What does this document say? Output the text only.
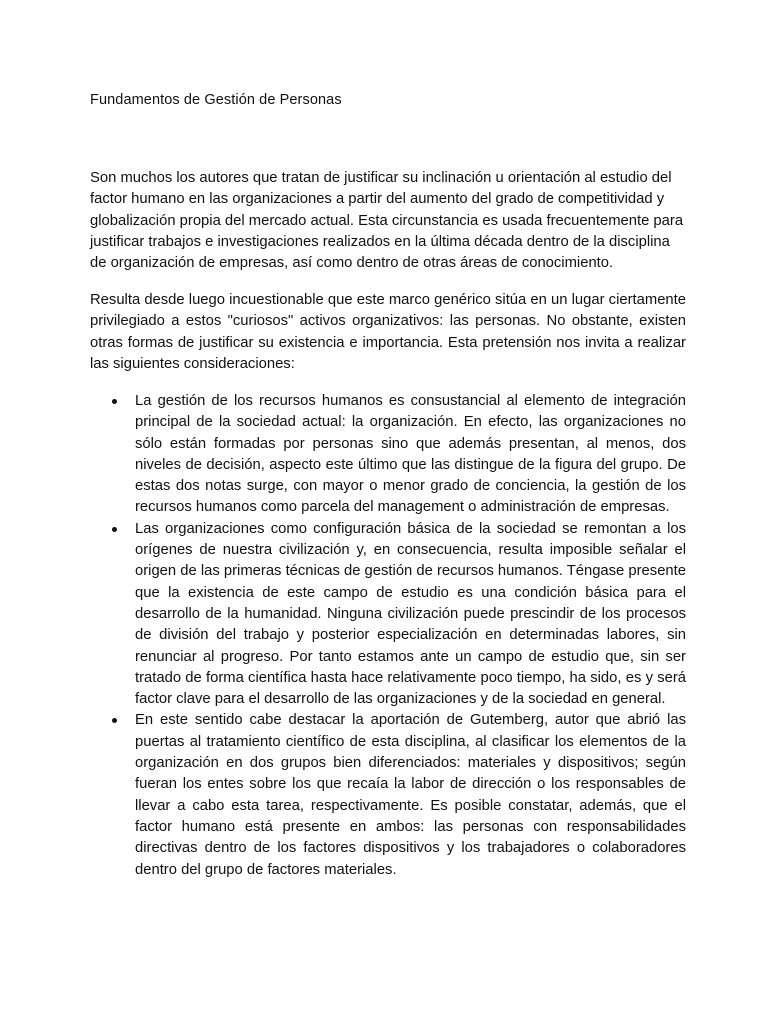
Fundamentos de Gestión de Personas

Son muchos los autores que tratan de justificar su inclinación u orientación al estudio del factor humano en las organizaciones a partir del aumento del grado de competitividad y globalización propia del mercado actual. Esta circunstancia es usada frecuentemente para justificar trabajos e investigaciones realizados en la última década dentro de la disciplina de organización de empresas, así como dentro de otras áreas de conocimiento.

Resulta desde luego incuestionable que este marco genérico sitúa en un lugar ciertamente privilegiado a estos "curiosos" activos organizativos: las personas. No obstante, existen otras formas de justificar su existencia e importancia. Esta pretensión nos invita a realizar las siguientes consideraciones:

La gestión de los recursos humanos es consustancial al elemento de integración principal de la sociedad actual: la organización. En efecto, las organizaciones no sólo están formadas por personas sino que además presentan, al menos, dos niveles de decisión, aspecto este último que las distingue de la figura del grupo. De estas dos notas surge, con mayor o menor grado de conciencia, la gestión de los recursos humanos como parcela del management o administración de empresas.
Las organizaciones como configuración básica de la sociedad se remontan a los orígenes de nuestra civilización y, en consecuencia, resulta imposible señalar el origen de las primeras técnicas de gestión de recursos humanos. Téngase presente que la existencia de este campo de estudio es una condición básica para el desarrollo de la humanidad. Ninguna civilización puede prescindir de los procesos de división del trabajo y posterior especialización en determinadas labores, sin renunciar al progreso. Por tanto estamos ante un campo de estudio que, sin ser tratado de forma científica hasta hace relativamente poco tiempo, ha sido, es y será factor clave para el desarrollo de las organizaciones y de la sociedad en general.
En este sentido cabe destacar la aportación de Gutemberg, autor que abrió las puertas al tratamiento científico de esta disciplina, al clasificar los elementos de la organización en dos grupos bien diferenciados: materiales y dispositivos; según fueran los entes sobre los que recaía la labor de dirección o los responsables de llevar a cabo esta tarea, respectivamente. Es posible constatar, además, que el factor humano está presente en ambos: las personas con responsabilidades directivas dentro de los factores dispositivos y los trabajadores o colaboradores dentro del grupo de factores materiales.
